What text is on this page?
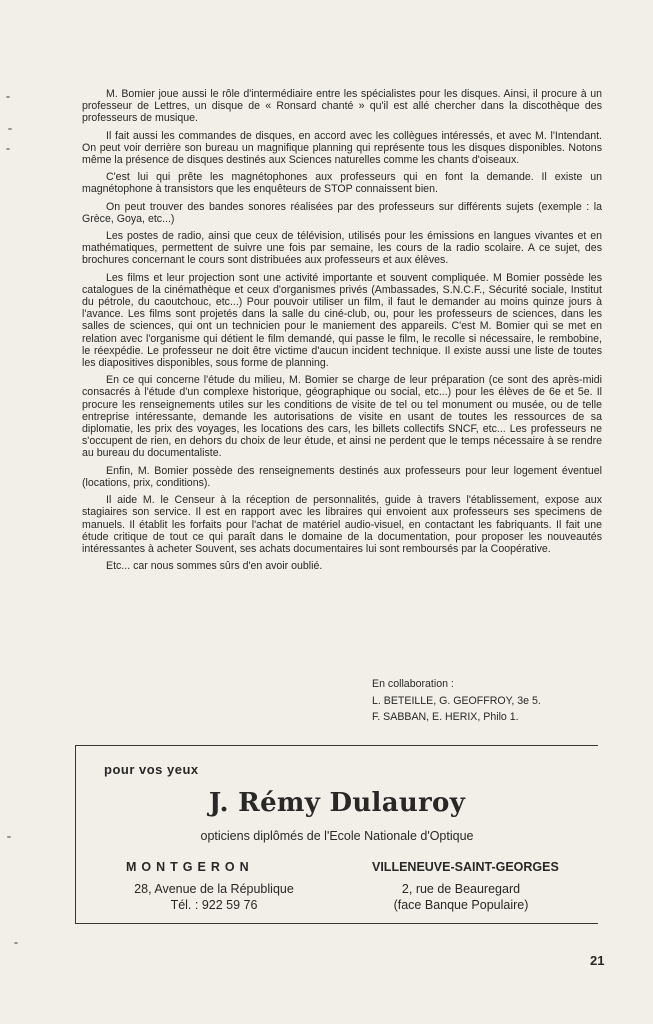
M. Bomier joue aussi le rôle d'intermédiaire entre les spécialistes pour les disques. Ainsi, il procure à un professeur de Lettres, un disque de « Ronsard chanté » qu'il est allé chercher dans la discothèque des professeurs de musique.

Il fait aussi les commandes de disques, en accord avec les collègues intéressés, et avec M. l'Intendant. On peut voir derrière son bureau un magnifique planning qui représente tous les disques disponibles. Notons même la présence de disques destinés aux Sciences naturelles comme les chants d'oiseaux.

C'est lui qui prête les magnétophones aux professeurs qui en font la demande. Il existe un magnétophone à transistors que les enquêteurs de STOP connaissent bien.

On peut trouver des bandes sonores réalisées par des professeurs sur différents sujets (exemple : la Grèce, Goya, etc...)

Les postes de radio, ainsi que ceux de télévision, utilisés pour les émissions en langues vivantes et en mathématiques, permettent de suivre une fois par semaine, les cours de la radio scolaire. A ce sujet, des brochures concernant le cours sont distribuées aux professeurs et aux élèves.

Les films et leur projection sont une activité importante et souvent compliquée. M Bomier possède les catalogues de la cinémathèque et ceux d'organismes privés (Ambassades, S.N.C.F., Sécurité sociale, Institut du pétrole, du caoutchouc, etc...) Pour pouvoir utiliser un film, il faut le demander au moins quinze jours à l'avance. Les films sont projetés dans la salle du ciné-club, ou, pour les professeurs de sciences, dans les salles de sciences, qui ont un technicien pour le maniement des appareils. C'est M. Bomier qui se met en relation avec l'organisme qui détient le film demandé, qui passe le film, le recolle si nécessaire, le rembobine, le réexpédie. Le professeur ne doit être victime d'aucun incident technique. Il existe aussi une liste de toutes les diapositives disponibles, sous forme de planning.

En ce qui concerne l'étude du milieu, M. Bomier se charge de leur préparation (ce sont des après-midi consacrés à l'étude d'un complexe historique, géographique ou social, etc...) pour les élèves de 6e et 5e. Il procure les renseignements utiles sur les conditions de visite de tel ou tel monument ou musée, ou de telle entreprise intéressante, demande les autorisations de visite en usant de toutes les ressources de sa diplomatie, les prix des voyages, les locations des cars, les billets collectifs SNCF, etc... Les professeurs ne s'occupent de rien, en dehors du choix de leur étude, et ainsi ne perdent que le temps nécessaire à se rendre au bureau du documentaliste.

Enfin, M. Bomier possède des renseignements destinés aux professeurs pour leur logement éventuel (locations, prix, conditions).

Il aide M. le Censeur à la réception de personnalités, guide à travers l'établissement, expose aux stagiaires son service. Il est en rapport avec les libraires qui envoient aux professeurs ses specimens de manuels. Il établit les forfaits pour l'achat de matériel audio-visuel, en contactant les fabriquants. Il fait une étude critique de tout ce qui paraît dans le domaine de la documentation, pour proposer les nouveautés intéressantes à acheter Souvent, ses achats documentaires lui sont remboursés par la Coopérative.

Etc... car nous sommes sûrs d'en avoir oublié.

En collaboration :
L. BETEILLE, G. GEOFFROY, 3e 5.
F. SABBAN, E. HERIX, Philo 1.
pour vos yeux
J. Rémy Dulauroy
opticiens diplômés de l'Ecole Nationale d'Optique
MONTGERON
28, Avenue de la République
Tél. : 922 59 76
VILLENEUVE-SAINT-GEORGES
2, rue de Beauregard
(face Banque Populaire)
21
